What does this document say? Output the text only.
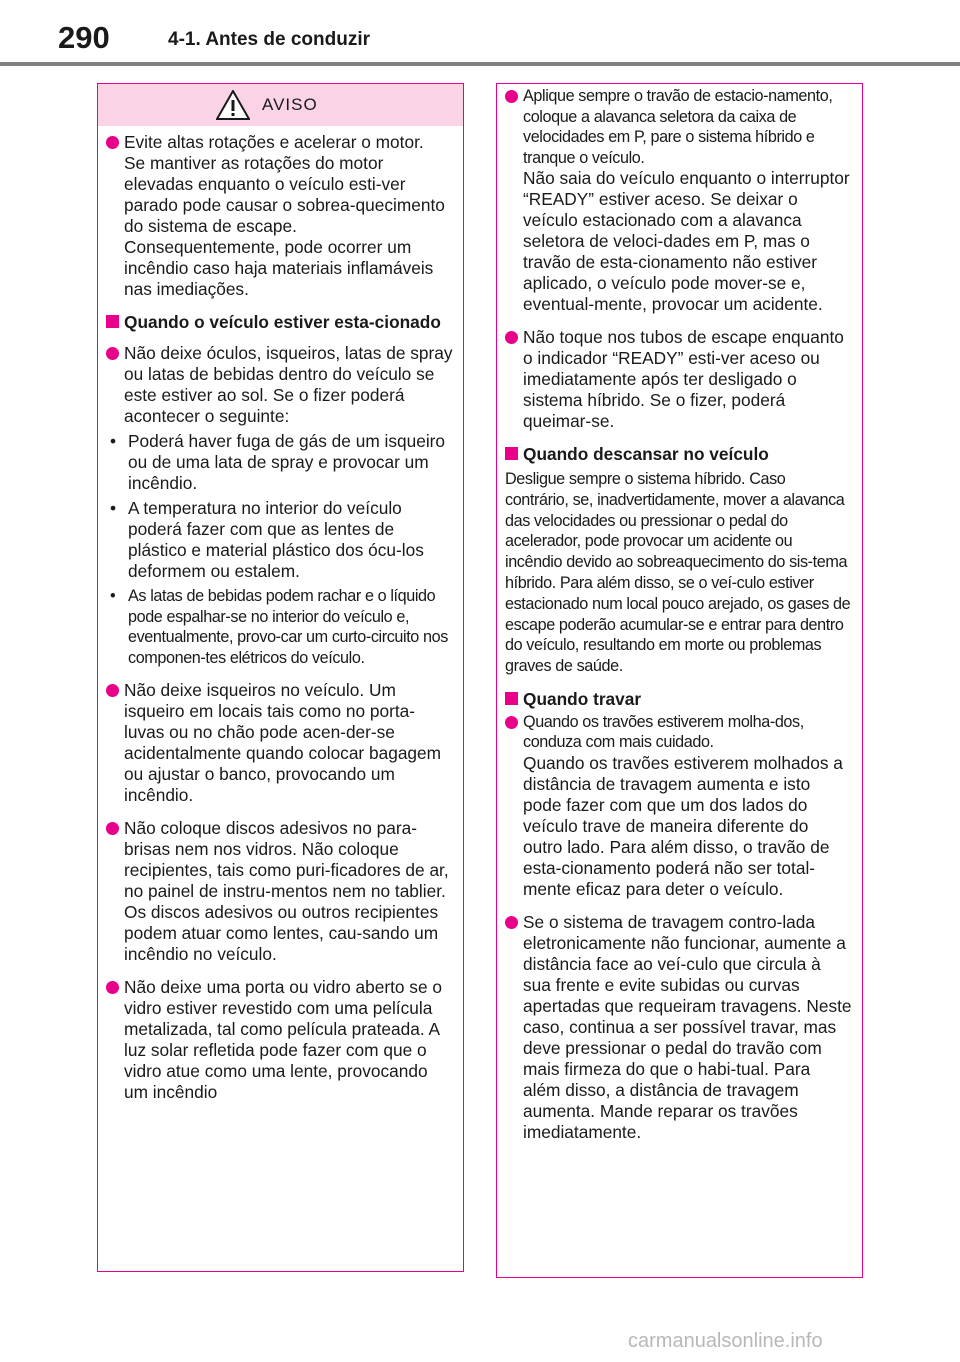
290	4-1. Antes de conduzir
AVISO

Evite altas rotações e acelerar o motor.
Se mantiver as rotações do motor elevadas enquanto o veículo esti-ver parado pode causar o sobrea-quecimento do sistema de escape. Consequentemente, pode ocorrer um incêndio caso haja materiais inflamáveis nas imediações.

Quando o veículo estiver esta-cionado

Não deixe óculos, isqueiros, latas de spray ou latas de bebidas dentro do veículo se este estiver ao sol. Se o fizer poderá acontecer o seguinte:

• Poderá haver fuga de gás de um isqueiro ou de uma lata de spray e provocar um incêndio.
• A temperatura no interior do veículo poderá fazer com que as lentes de plástico e material plástico dos ócu-los deformem ou estalem.
• As latas de bebidas podem rachar e o líquido pode espalhar-se no interior do veículo e, eventualmente, provo-car um curto-circuito nos componen-tes elétricos do veículo.

Não deixe isqueiros no veículo. Um isqueiro em locais tais como no porta-luvas ou no chão pode acen-der-se acidentalmente quando colocar bagagem ou ajustar o banco, provocando um incêndio.

Não coloque discos adesivos no para-brisas nem nos vidros. Não coloque recipientes, tais como puri-ficadores de ar, no painel de instru-mentos nem no tablier. Os discos adesivos ou outros recipientes podem atuar como lentes, cau-sando um incêndio no veículo.

Não deixe uma porta ou vidro aberto se o vidro estiver revestido com uma película metalizada, tal como película prateada. A luz solar refletida pode fazer com que o vidro atue como uma lente, provocando um incêndio

Aplique sempre o travão de estacio-namento, coloque a alavanca seletora da caixa de velocidades em P, pare o sistema híbrido e tranque o veículo.

Não saia do veículo enquanto o interruptor “READY” estiver aceso. Se deixar o veículo estacionado com a alavanca seletora de veloci-dades em P, mas o travão de esta-cionamento não estiver aplicado, o veículo pode mover-se e, eventual-mente, provocar um acidente.

Não toque nos tubos de escape enquanto o indicador “READY” esti-ver aceso ou imediatamente após ter desligado o sistema híbrido. Se o fizer, poderá queimar-se.

Quando descansar no veículo

Desligue sempre o sistema híbrido. Caso contrário, se, inadvertidamente, mover a alavanca das velocidades ou pressionar o pedal do acelerador, pode provocar um acidente ou incêndio devido ao sobreaquecimento do sis-tema híbrido. Para além disso, se o veí-culo estiver estacionado num local pouco arejado, os gases de escape poderão acumular-se e entrar para dentro do veículo, resultando em morte ou problemas graves de saúde.

Quando travar

Quando os travões estiverem molha-dos, conduza com mais cuidado.

Quando os travões estiverem molhados a distância de travagem aumenta e isto pode fazer com que um dos lados do veículo trave de maneira diferente do outro lado. Para além disso, o travão de esta-cionamento poderá não ser total-mente eficaz para deter o veículo.

Se o sistema de travagem contro-lada eletronicamente não funcionar, aumente a distância face ao veí-culo que circula à sua frente e evite subidas ou curvas apertadas que requeiram travagens. Neste caso, continua a ser possível travar, mas deve pressionar o pedal do travão com mais firmeza do que o habi-tual. Para além disso, a distância de travagem aumenta. Mande reparar os travões imediatamente.

carmanualsonline.info
